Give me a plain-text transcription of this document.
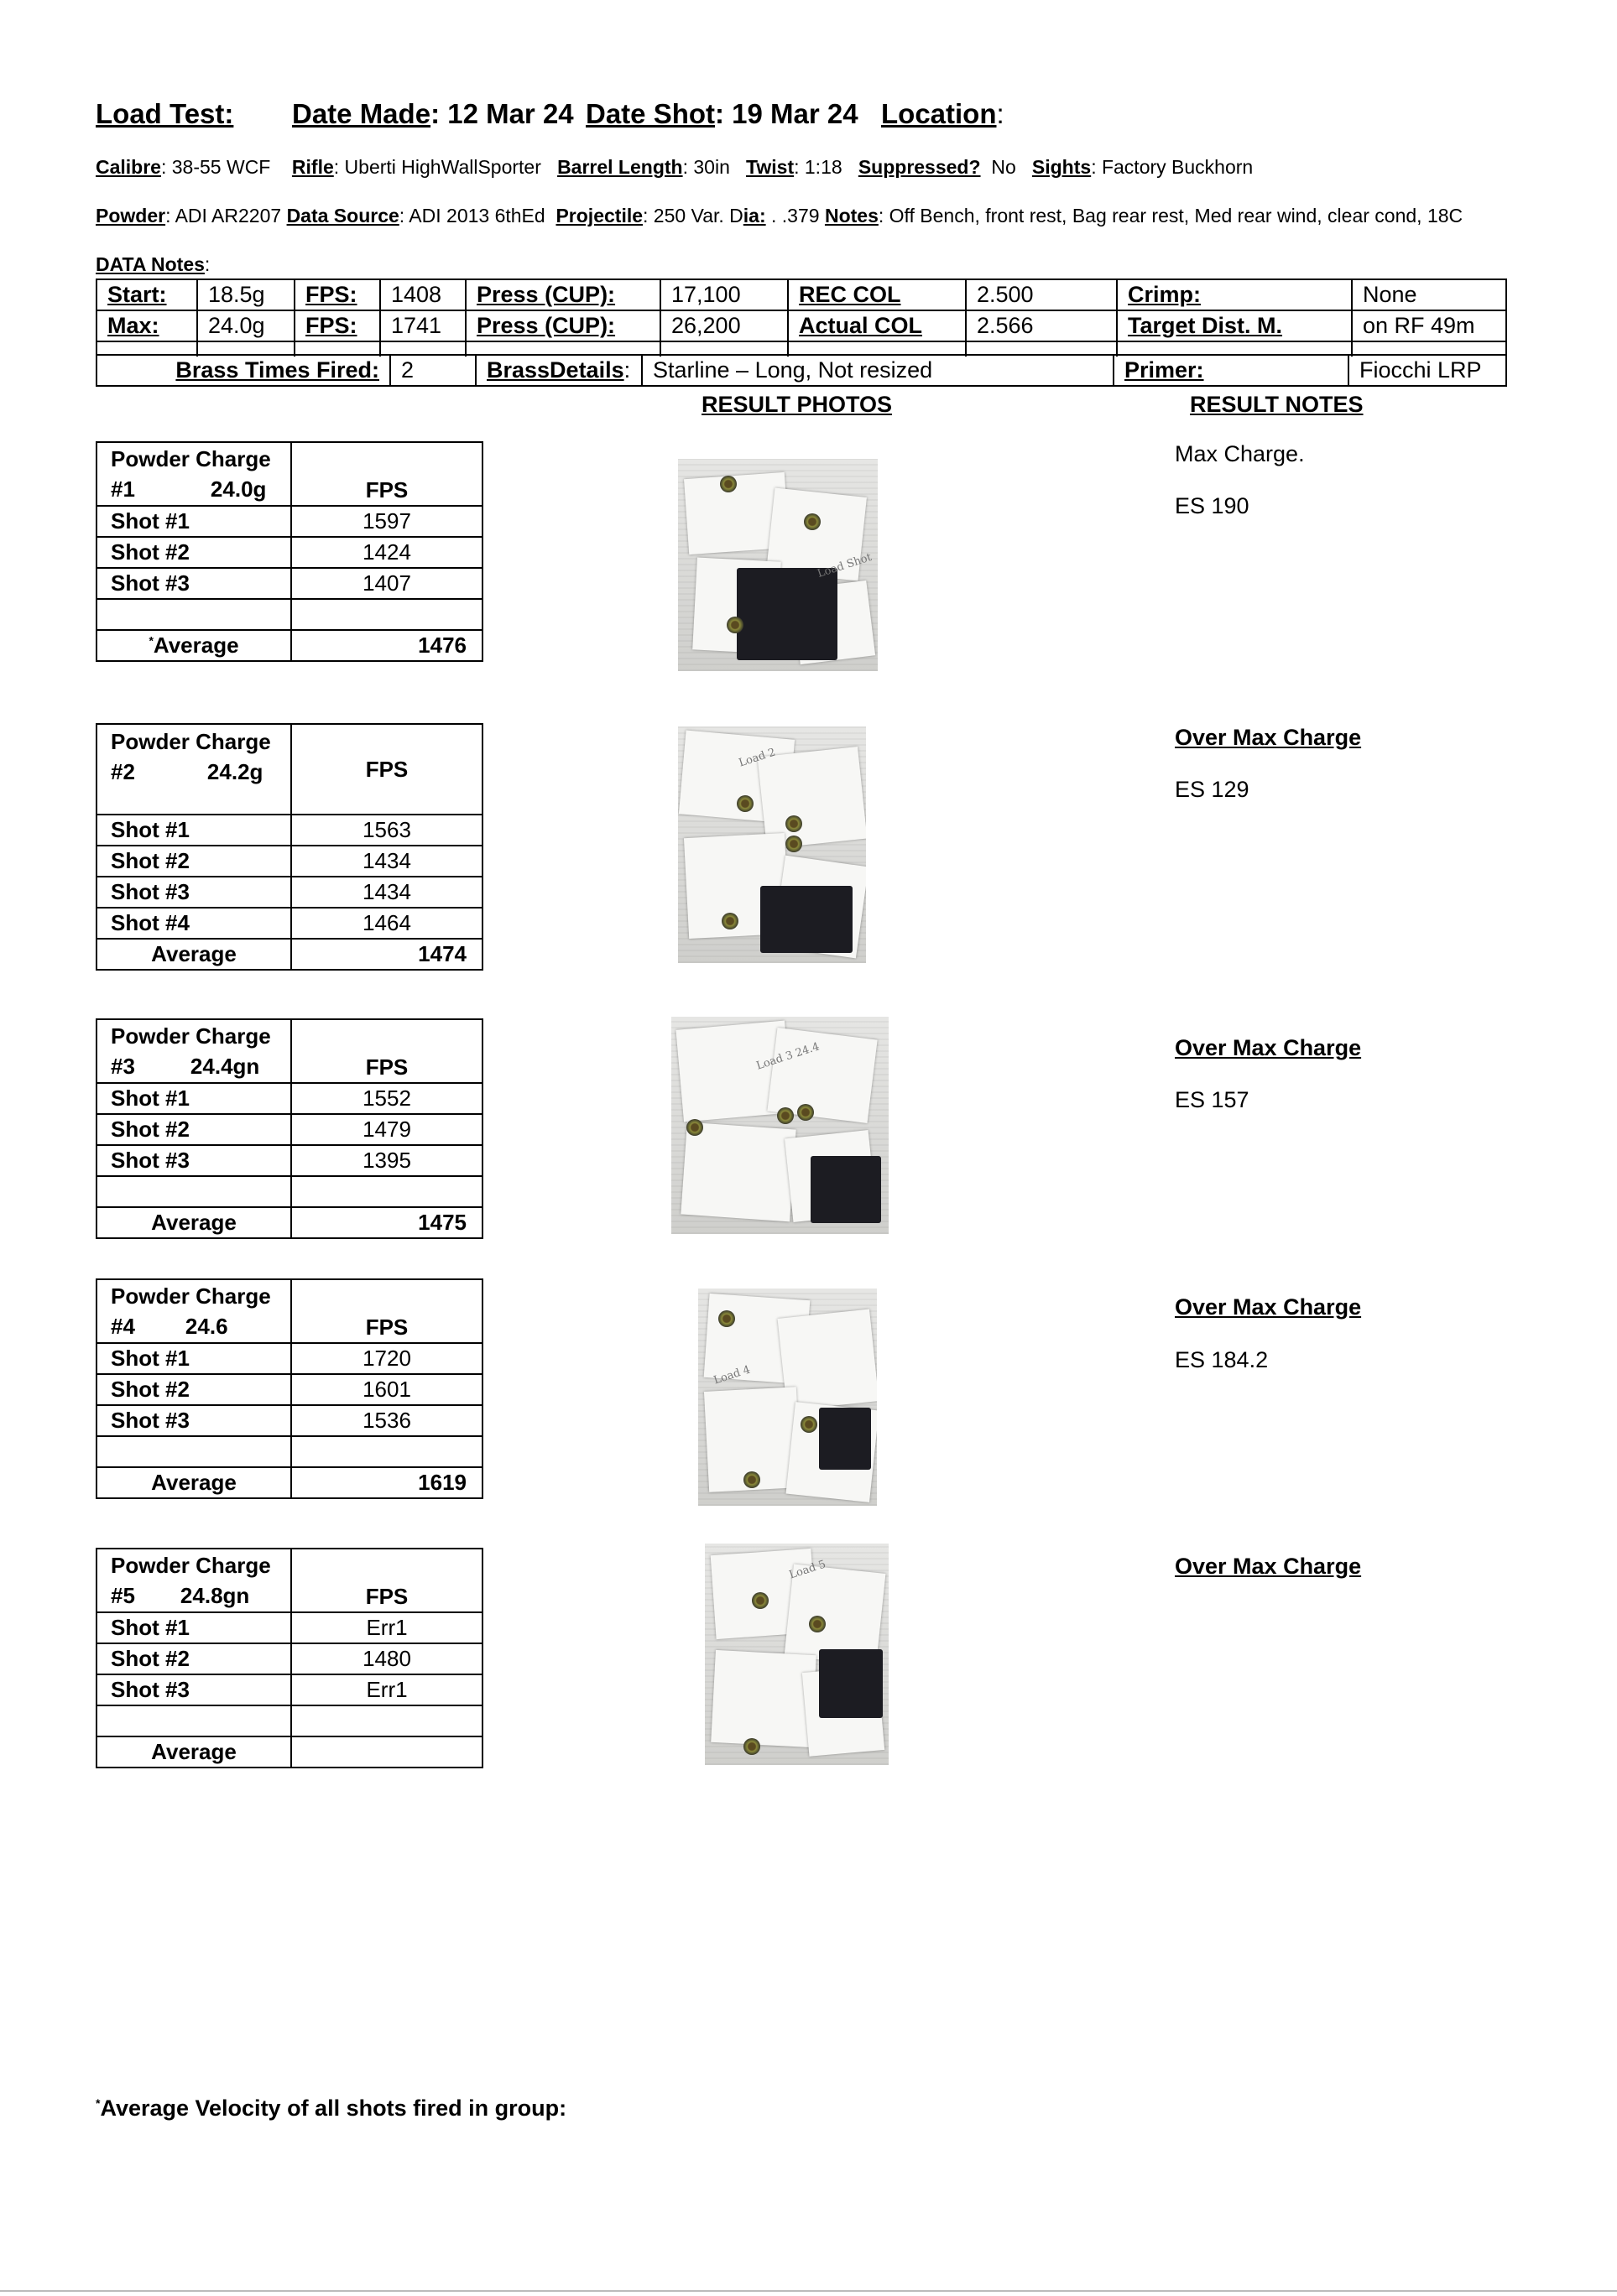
Load Test: Date Made: 12 Mar 24 Date Shot: 19 Mar 24 Location:
Calibre: 38-55 WCF Rifle: Uberti HighWallSporter Barrel Length: 30in Twist: 1:18 Suppressed? No Sights: Factory Buckhorn
Powder: ADI AR2207 Data Source: ADI 2013 6thEd Projectile: 250 Var. Dia: . .379 Notes: Off Bench, front rest, Bag rear rest, Med rear wind, clear cond, 18C
DATA Notes:
Start:	18.5g	FPS:	1408	Press (CUP):	17,100	REC COL	2.500	Crimp:	None
Max:	24.0g	FPS:	1741	Press (CUP):	26,200	Actual COL	2.566	Target Dist. M.	on RF 49m

Brass Times Fired:	2	BrassDetails:	Starline – Long, Not resized	Primer:	Fiocchi LRP
RESULT PHOTOS	RESULT NOTES
Powder Charge
#1 24.0g	FPS
Shot #1	1597
Shot #2	1424
Shot #3	1407

*Average	1476
Powder Charge
#2 24.2g	FPS
Shot #1	1563
Shot #2	1434
Shot #3	1434
Shot #4	1464
Average	1474
Powder Charge
#3 24.4gn	FPS
Shot #1	1552
Shot #2	1479
Shot #3	1395

Average	1475
Powder Charge
#4 24.6	FPS
Shot #1	1720
Shot #2	1601
Shot #3	1536

Average	1619
Powder Charge
#5 24.8gn	FPS
Shot #1	Err1
Shot #2	1480
Shot #3	Err1

Average	
Load Shot
Load 2
Load 3 24.4
Load 4
Load 5
Max Charge.
ES 190
Over Max Charge
ES 129
Over Max Charge
ES 157
Over Max Charge
ES 184.2
Over Max Charge
*Average Velocity of all shots fired in group:
